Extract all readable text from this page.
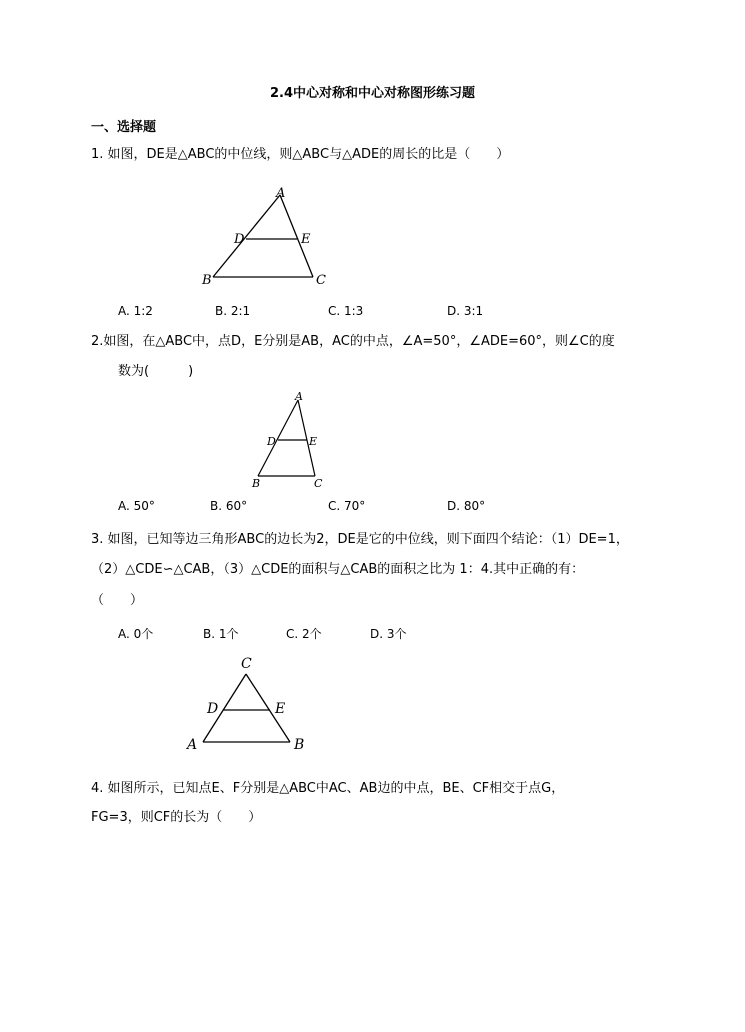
2.4中心对称和中心对称图形练习题
一、选择题
1. 如图，DE是△ABC的中位线，则△ABC与△ADE的周长的比是（　　）
A
D	E
B	C
A. 1:2	B. 2:1	C. 1:3	D. 3:1
2.如图，在△ABC中，点D，E分别是AB，AC的中点，∠A=50°，∠ADE=60°，则∠C的度
数为(　　　)
A
D	E
B	C
A. 50°	B. 60°	C. 70°	D. 80°
3. 如图，已知等边三角形ABC的边长为2，DE是它的中位线，则下面四个结论：（1）DE=1，
（2）△CDE∽△CAB，（3）△CDE的面积与△CAB的面积之比为 1：4.其中正确的有：
（　　）
A. 0个	B. 1个	C. 2个	D. 3个
C
D	E
A	B
4. 如图所示，已知点E、F分别是△ABC中AC、AB边的中点，BE、CF相交于点G，
FG=3，则CF的长为（　　）
